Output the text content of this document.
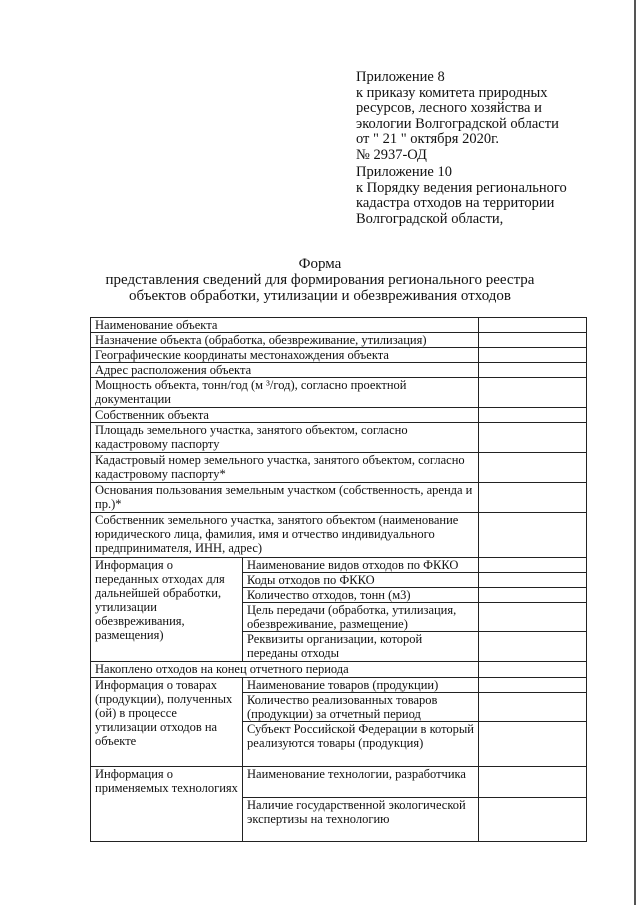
Приложение 8
к приказу комитета природных
ресурсов, лесного хозяйства и
экологии Волгоградской области
от " 21 " октября 2020г.
№ 2937-ОД
Приложение 10
к Порядку ведения регионального
кадастра отходов на территории
Волгоградской области,
Форма
представления сведений для формирования регионального реестра
объектов обработки, утилизации и обезвреживания отходов
Наименование объекта		
Назначение объекта (обработка, обезвреживание, утилизация)		
Географические координаты местонахождения объекта		
Адрес расположения объекта		
Мощность объекта, тонн/год (м ³/год), согласно проектной документации		
Собственник объекта		
Площадь земельного участка, занятого объектом, согласно кадастровому паспорту		
Кадастровый номер земельного участка, занятого объектом, согласно кадастровому паспорту*		
Основания пользования земельным участком (собственность, аренда и пр.)*		
Собственник земельного участка, занятого объектом (наименование юридического лица, фамилия, имя и отчество индивидуального предпринимателя, ИНН, адрес)		
Информация о переданных отходах для дальнейшей обработки, утилизации обезвреживания, размещения)	Наименование видов отходов по ФККО	
	Коды отходов по ФККО	
	Количество отходов, тонн (м3)	
	Цель передачи (обработка, утилизация, обезвреживание, размещение)	
	Реквизиты организации, которой переданы отходы	
Накоплено отходов на конец отчетного периода		
Информация о товарах (продукции), полученных (ой) в процессе утилизации отходов на объекте	Наименование товаров (продукции)	
	Количество реализованных товаров (продукции) за отчетный период	
	Субъект Российской Федерации в который реализуются товары (продукция)	
Информация о применяемых технологиях	Наименование технологии, разработчика	
	Наличие государственной экологической экспертизы на технологию	
